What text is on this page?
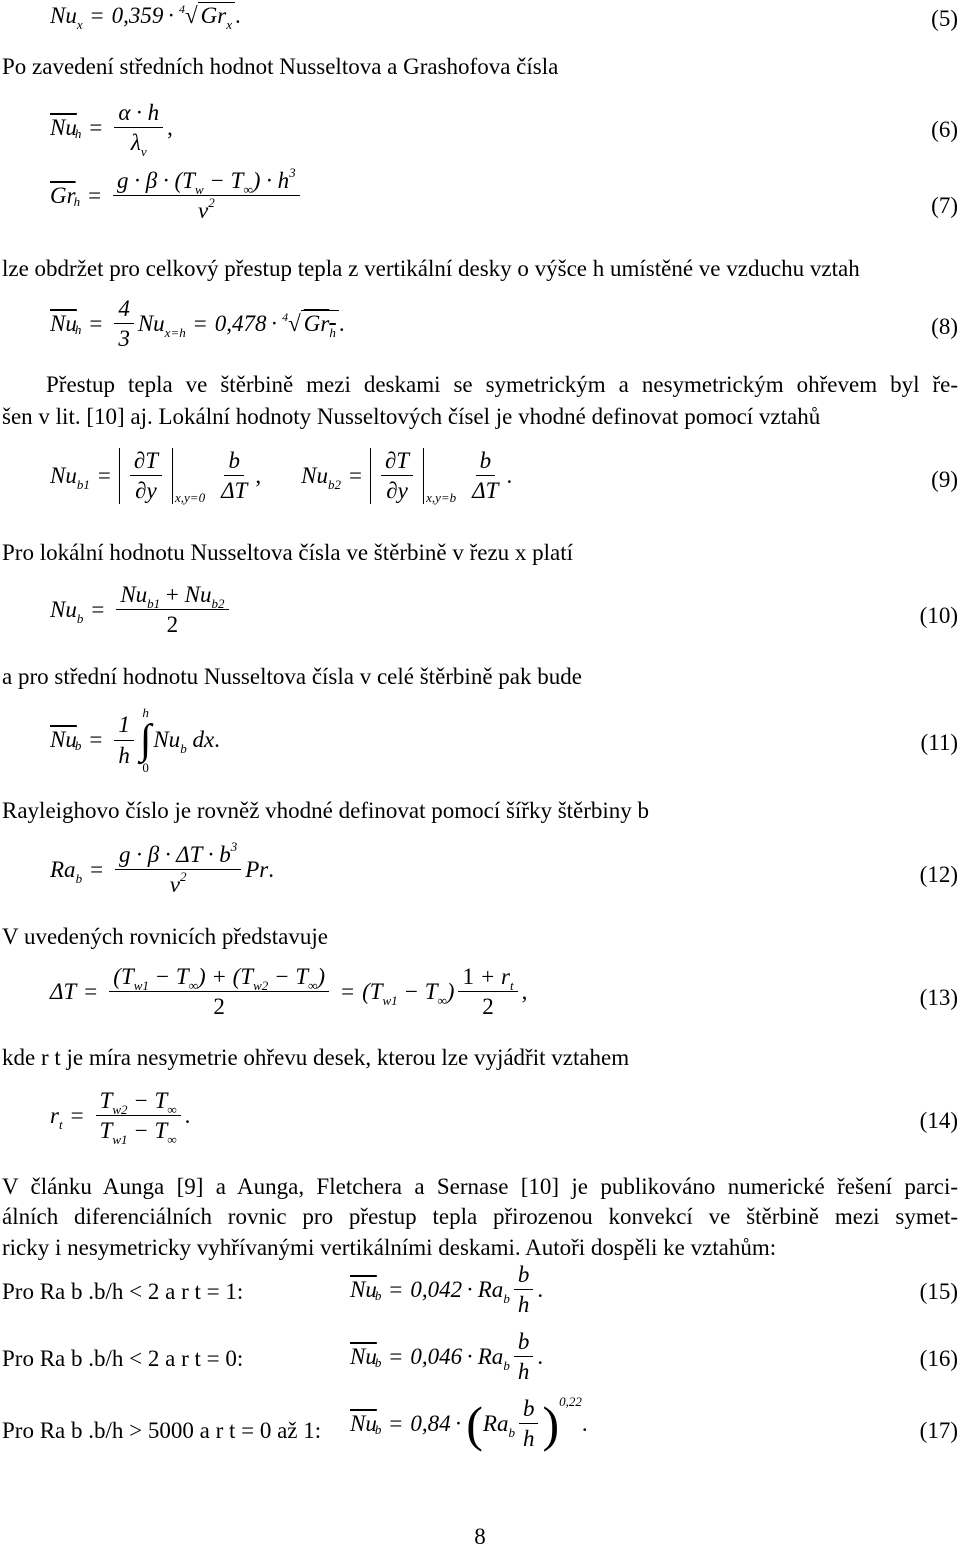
$Nu_x = 0,359 \cdot 4$ √ $Gr_x$ .	(5)
Po zavedení středních hodnot Nusseltova a Grashofova čísla
$\overline{Nu}$
$h = \frac{\alpha \cdot h}{\lambda_v}$ ,	(6)
$\overline{Gr}$
$h = \frac{g \cdot \beta \cdot (T_w - T_\infty) \cdot h^3}{\nu^2}$	(7)
lze obdržet pro celkový přestup tepla z vertikální desky o výšce h umístěné ve vzduchu vztah
$\overline{Nu}$
$h = \frac{4}{3} Nu_{x=h} = 0,478 \cdot 4$ √ $Gr_h$ .	(8)
Přestup tepla ve štěrbině mezi deskami se symetrickým a nesymetrickým ohřevem byl ře-
šen v lit. [10] aj. Lokální hodnoty Nusseltových čísel je vhodné definovat pomocí vztahů
$Nu_{b1} = \frac{\partial T}{\partial y} x,y=0 \frac{b}{\Delta T}$ , $Nu_{b2} = \frac{\partial T}{\partial y} x,y=b \frac{b}{\Delta T}$ .	(9)
Pro lokální hodnotu Nusseltova čísla ve štěrbině v řezu x platí
$Nu_b = \frac{Nu_{b1} + Nu_{b2}}{2}$	(10)
a pro střední hodnotu Nusseltova čísla v celé štěrbině pak bude
$\overline{Nu}$
$b = \frac{1}{h}$ h
∫
0
$Nu_b$ dx .	(11)
Rayleighovo číslo je rovněž vhodné definovat pomocí šířky štěrbiny b
$Ra_b = \frac{g \cdot \beta \cdot \Delta T \cdot b^3}{\nu^2}$ Pr .	(12)
V uvedených rovnicích představuje
$\Delta T = \frac{(T_{w1} - T_\infty) + (T_{w2} - T_\infty)}{2} = (T_{w1} - T_\infty) \frac{1 + r_t}{2}$ ,	(13)
kde r t je míra nesymetrie ohřevu desek, kterou lze vyjádřit vztahem
$r_t = \frac{T_{w2} - T_\infty}{T_{w1} - T_\infty}$ .	(14)
V článku Aunga [9] a Aunga, Fletchera a Sernase [10] je publikováno numerické řešení parci-
álních diferenciálních rovnic pro přestup tepla přirozenou konvekcí ve štěrbině mezi symet-
ricky i nesymetricky vyhřívanými vertikálními deskami. Autoři dospěli ke vztahům:
Pro Ra b .b/h < 2 a r t = 1:	$\overline{Nu}$
$b = 0,042 \cdot Ra_b \frac{b}{h}$ .	(15)
Pro Ra b .b/h < 2 a r t = 0:	$\overline{Nu}$
$b = 0,046 \cdot Ra_b \frac{b}{h}$ .	(16)
Pro Ra b .b/h > 5000 a r t = 0 až 1: $\overline{Nu}$
b = 0,84 · ( $Ra_b \frac{b}{h}$ ) 0,22
.	(17)
8
